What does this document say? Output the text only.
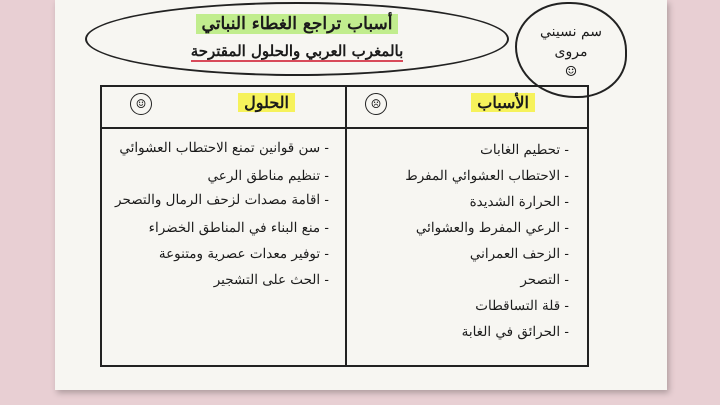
أسباب تراجع الغطاء النباتي
بالمغرب العربي والحلول المقترحة
سم نسيني
مروى
☺
الأسباب
☹
الحلول
☺
- تحطيم الغابات
- الاحتطاب العشوائي المفرط
- الحرارة الشديدة
- الرعي المفرط والعشوائي
- الزحف العمراني
- التصحر
- قلة التساقطات
- الحرائق في الغابة
- سن قوانين تمنع الاحتطاب العشوائي
- تنظيم مناطق الرعي
- اقامة مصدات لزحف الرمال والتصحر
- منع البناء في المناطق الخضراء
- توفير معدات عصرية ومتنوعة
- الحث على التشجير
